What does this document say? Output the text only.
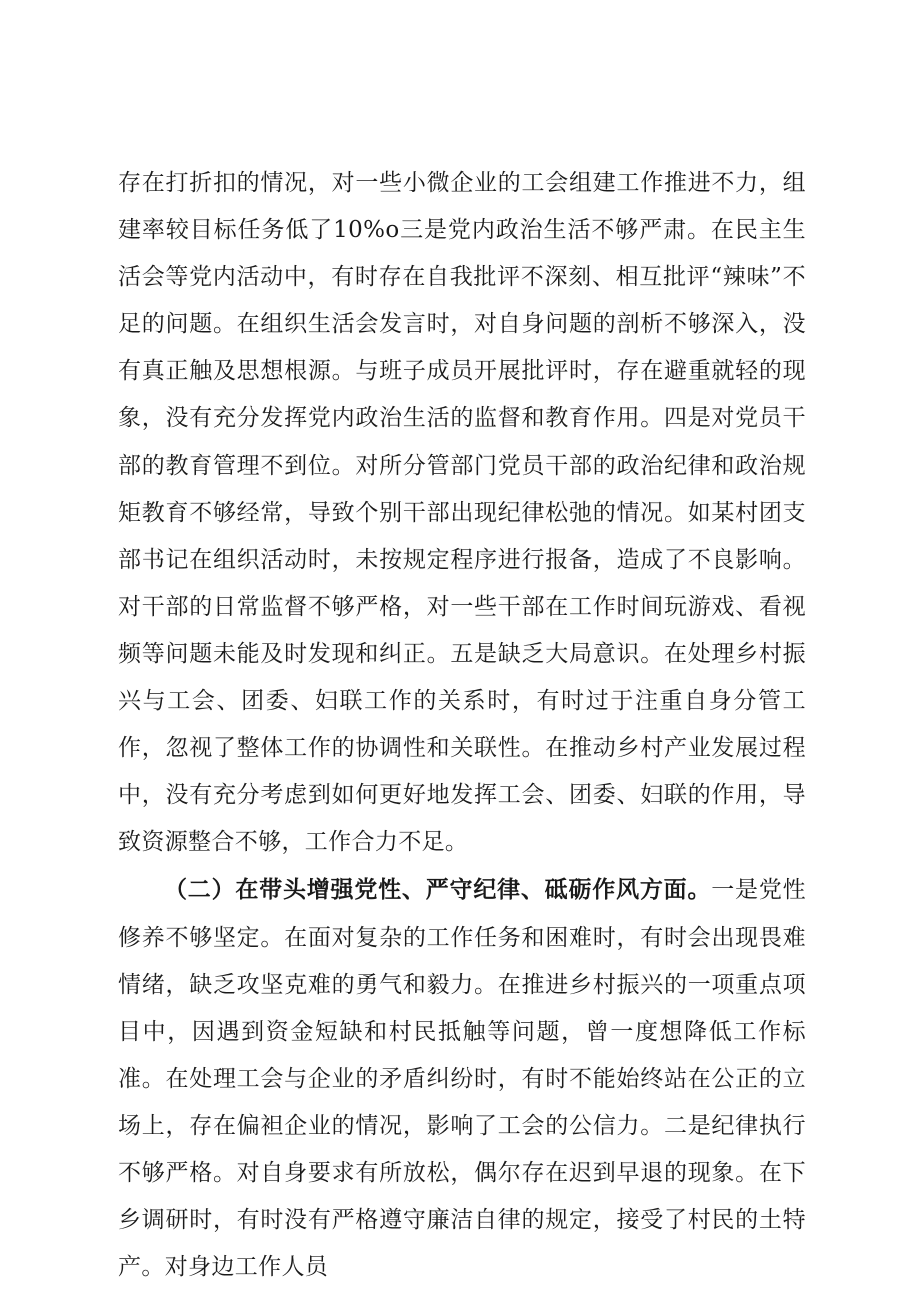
存在打折扣的情况，对一些小微企业的工会组建工作推进不力，组建率较目标任务低了10%o三是党内政治生活不够严肃。在民主生活会等党内活动中，有时存在自我批评不深刻、相互批评“辣味”不足的问题。在组织生活会发言时，对自身问题的剖析不够深入，没有真正触及思想根源。与班子成员开展批评时，存在避重就轻的现象，没有充分发挥党内政治生活的监督和教育作用。四是对党员干部的教育管理不到位。对所分管部门党员干部的政治纪律和政治规矩教育不够经常，导致个别干部出现纪律松弛的情况。如某村团支部书记在组织活动时，未按规定程序进行报备，造成了不良影响。对干部的日常监督不够严格，对一些干部在工作时间玩游戏、看视频等问题未能及时发现和纠正。五是缺乏大局意识。在处理乡村振兴与工会、团委、妇联工作的关系时，有时过于注重自身分管工作，忽视了整体工作的协调性和关联性。在推动乡村产业发展过程中，没有充分考虑到如何更好地发挥工会、团委、妇联的作用，导致资源整合不够，工作合力不足。

（二）在带头增强党性、严守纪律、砥砺作风方面。一是党性修养不够坚定。在面对复杂的工作任务和困难时，有时会出现畏难情绪，缺乏攻坚克难的勇气和毅力。在推进乡村振兴的一项重点项目中，因遇到资金短缺和村民抵触等问题，曾一度想降低工作标准。在处理工会与企业的矛盾纠纷时，有时不能始终站在公正的立场上，存在偏袒企业的情况，影响了工会的公信力。二是纪律执行不够严格。对自身要求有所放松，偶尔存在迟到早退的现象。在下乡调研时，有时没有严格遵守廉洁自律的规定，接受了村民的土特产。对身边工作人员
